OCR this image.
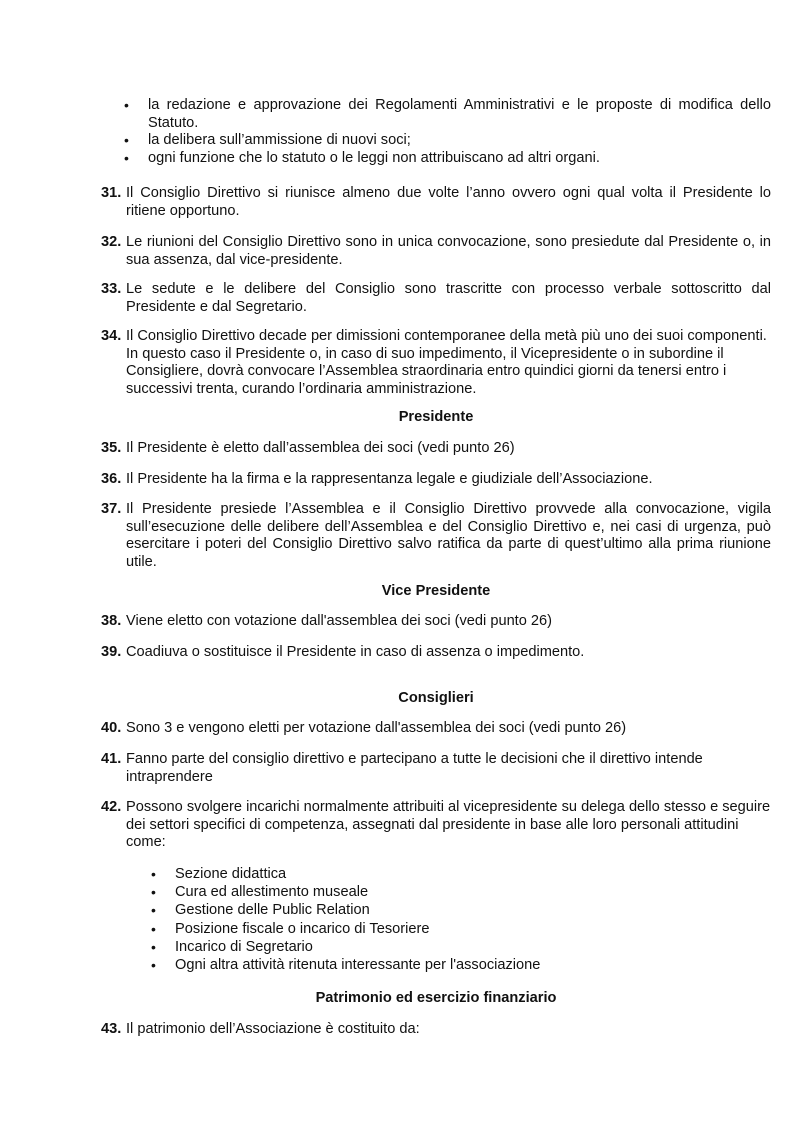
• la redazione e approvazione dei Regolamenti Amministrativi e le proposte di modifica dello Statuto.
• la delibera sull’ammissione di nuovi soci;
• ogni funzione che lo statuto o le leggi non attribuiscano ad altri organi.
31. Il Consiglio Direttivo si riunisce almeno due volte l’anno ovvero ogni qual volta il Presidente lo ritiene opportuno.
32. Le riunioni del Consiglio Direttivo sono in unica convocazione, sono presiedute dal Presidente o, in sua assenza, dal vice-presidente.
33. Le sedute e le delibere del Consiglio sono trascritte con processo verbale sottoscritto dal Presidente e dal Segretario.
34. Il Consiglio Direttivo decade per dimissioni contemporanee della metà più uno dei suoi componenti. In questo caso il Presidente o, in caso di suo impedimento, il Vicepresidente o in subordine il Consigliere, dovrà convocare l’Assemblea straordinaria entro quindici giorni da tenersi entro i successivi trenta, curando l’ordinaria amministrazione.
Presidente
35. Il Presidente è eletto dall’assemblea dei soci (vedi punto 26)
36. Il Presidente ha la firma e la rappresentanza legale e giudiziale dell’Associazione.
37. Il Presidente presiede l’Assemblea e il Consiglio Direttivo provvede alla convocazione, vigila sull’esecuzione delle delibere dell’Assemblea e del Consiglio Direttivo e, nei casi di urgenza, può esercitare i poteri del Consiglio Direttivo salvo ratifica da parte di quest’ultimo alla prima riunione utile.
Vice Presidente
38. Viene eletto con votazione dall'assemblea dei soci (vedi punto 26)
39. Coadiuva o sostituisce il Presidente in caso di assenza o impedimento.
Consiglieri
40. Sono 3 e vengono eletti per votazione dall'assemblea dei soci (vedi punto 26)
41. Fanno parte del consiglio direttivo e partecipano a tutte le decisioni che il direttivo intende intraprendere
42. Possono svolgere incarichi normalmente attribuiti al vicepresidente su delega dello stesso e seguire dei settori specifici di competenza, assegnati dal presidente in base alle loro personali attitudini come:
• Sezione didattica
• Cura ed allestimento museale
• Gestione delle Public Relation
• Posizione fiscale o incarico di Tesoriere
• Incarico di Segretario
• Ogni altra attività ritenuta interessante per l'associazione
Patrimonio ed esercizio finanziario
43. Il patrimonio dell’Associazione è costituito da:
